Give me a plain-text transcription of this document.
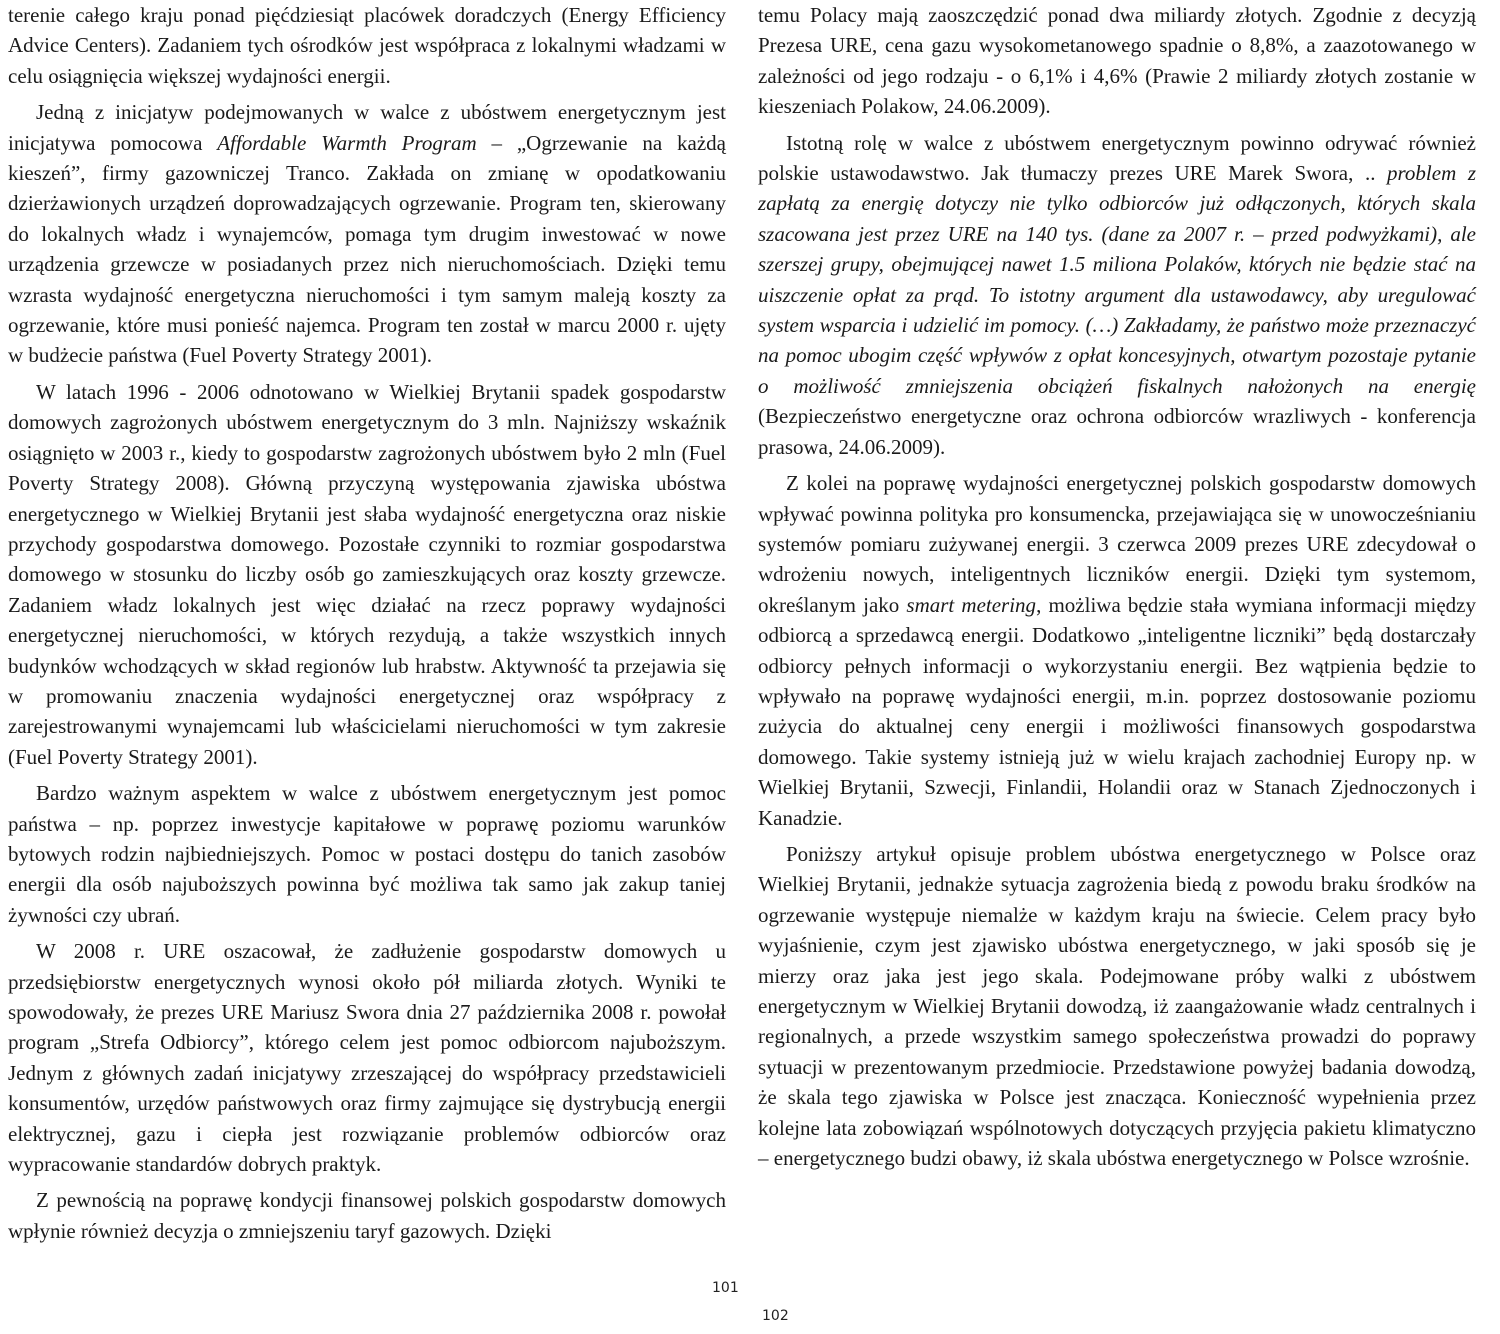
terenie całego kraju ponad pięćdziesiąt placówek doradczych (Energy Efficiency Advice Centers). Zadaniem tych ośrodków jest współpraca z lokalnymi władzami w celu osiągnięcia większej wydajności energii.

Jedną z inicjatyw podejmowanych w walce z ubóstwem energetycznym jest inicjatywa pomocowa Affordable Warmth Program – „Ogrzewanie na każdą kieszeń”, firmy gazowniczej Tranco. Zakłada on zmianę w opodatkowaniu dzierżawionych urządzeń doprowadzających ogrzewanie. Program ten, skierowany do lokalnych władz i wynajemców, pomaga tym drugim inwestować w nowe urządzenia grzewcze w posiadanych przez nich nieruchomościach. Dzięki temu wzrasta wydajność energetyczna nieruchomości i tym samym maleją koszty za ogrzewanie, które musi ponieść najemca. Program ten został w marcu 2000 r. ujęty w budżecie państwa (Fuel Poverty Strategy 2001).

W latach 1996 - 2006 odnotowano w Wielkiej Brytanii spadek gospodarstw domowych zagrożonych ubóstwem energetycznym do 3 mln. Najniższy wskaźnik osiągnięto w 2003 r., kiedy to gospodarstw zagrożonych ubóstwem było 2 mln (Fuel Poverty Strategy 2008). Główną przyczyną występowania zjawiska ubóstwa energetycznego w Wielkiej Brytanii jest słaba wydajność energetyczna oraz niskie przychody gospodarstwa domowego. Pozostałe czynniki to rozmiar gospodarstwa domowego w stosunku do liczby osób go zamieszkujących oraz koszty grzewcze. Zadaniem władz lokalnych jest więc działać na rzecz poprawy wydajności energetycznej nieruchomości, w których rezydują, a także wszystkich innych budynków wchodzących w skład regionów lub hrabstw. Aktywność ta przejawia się w promowaniu znaczenia wydajności energetycznej oraz współpracy z zarejestrowanymi wynajemcami lub właścicielami nieruchomości w tym zakresie (Fuel Poverty Strategy 2001).

Bardzo ważnym aspektem w walce z ubóstwem energetycznym jest pomoc państwa – np. poprzez inwestycje kapitałowe w poprawę poziomu warunków bytowych rodzin najbiedniejszych. Pomoc w postaci dostępu do tanich zasobów energii dla osób najuboższych powinna być możliwa tak samo jak zakup taniej żywności czy ubrań.

W 2008 r. URE oszacował, że zadłużenie gospodarstw domowych u przedsiębiorstw energetycznych wynosi około pół miliarda złotych. Wyniki te spowodowały, że prezes URE Mariusz Swora dnia 27 października 2008 r. powołał program „Strefa Odbiorcy”, którego celem jest pomoc odbiorcom najuboższym. Jednym z głównych zadań inicjatywy zrzeszającej do współpracy przedstawicieli konsumentów, urzędów państwowych oraz firmy zajmujące się dystrybucją energii elektrycznej, gazu i ciepła jest rozwiązanie problemów odbiorców oraz wypracowanie standardów dobrych praktyk.

Z pewnością na poprawę kondycji finansowej polskich gospodarstw domowych wpłynie również decyzja o zmniejszeniu taryf gazowych. Dzięki

temu Polacy mają zaoszczędzić ponad dwa miliardy złotych. Zgodnie z decyzją Prezesa URE, cena gazu wysokometanowego spadnie o 8,8%, a zaazotowanego w zależności od jego rodzaju - o 6,1% i 4,6% (Prawie 2 miliardy złotych zostanie w kieszeniach Polakow, 24.06.2009).

Istotną rolę w walce z ubóstwem energetycznym powinno odrywać również polskie ustawodawstwo. Jak tłumaczy prezes URE Marek Swora, .. problem z zapłatą za energię dotyczy nie tylko odbiorców już odłączonych, których skala szacowana jest przez URE na 140 tys. (dane za 2007 r. – przed podwyżkami), ale szerszej grupy, obejmującej nawet 1.5 miliona Polaków, których nie będzie stać na uiszczenie opłat za prąd. To istotny argument dla ustawodawcy, aby uregulować system wsparcia i udzielić im pomocy. (…) Zakładamy, że państwo może przeznaczyć na pomoc ubogim część wpływów z opłat koncesyjnych, otwartym pozostaje pytanie o możliwość zmniejszenia obciążeń fiskalnych nałożonych na energię (Bezpieczeństwo energetyczne oraz ochrona odbiorców wrazliwych - konferencja prasowa, 24.06.2009).

Z kolei na poprawę wydajności energetycznej polskich gospodarstw domowych wpływać powinna polityka pro konsumencka, przejawiająca się w unowocześnianiu systemów pomiaru zużywanej energii. 3 czerwca 2009 prezes URE zdecydował o wdrożeniu nowych, inteligentnych liczników energii. Dzięki tym systemom, określanym jako smart metering, możliwa będzie stała wymiana informacji między odbiorcą a sprzedawcą energii. Dodatkowo „inteligentne liczniki” będą dostarczały odbiorcy pełnych informacji o wykorzystaniu energii. Bez wątpienia będzie to wpływało na poprawę wydajności energii, m.in. poprzez dostosowanie poziomu zużycia do aktualnej ceny energii i możliwości finansowych gospodarstwa domowego. Takie systemy istnieją już w wielu krajach zachodniej Europy np. w Wielkiej Brytanii, Szwecji, Finlandii, Holandii oraz w Stanach Zjednoczonych i Kanadzie.

Poniższy artykuł opisuje problem ubóstwa energetycznego w Polsce oraz Wielkiej Brytanii, jednakże sytuacja zagrożenia biedą z powodu braku środków na ogrzewanie występuje niemalże w każdym kraju na świecie. Celem pracy było wyjaśnienie, czym jest zjawisko ubóstwa energetycznego, w jaki sposób się je mierzy oraz jaka jest jego skala. Podejmowane próby walki z ubóstwem energetycznym w Wielkiej Brytanii dowodzą, iż zaangażowanie władz centralnych i regionalnych, a przede wszystkim samego społeczeństwa prowadzi do poprawy sytuacji w prezentowanym przedmiocie. Przedstawione powyżej badania dowodzą, że skala tego zjawiska w Polsce jest znacząca. Konieczność wypełnienia przez kolejne lata zobowiązań wspólnotowych dotyczących przyjęcia pakietu klimatyczno – energetycznego budzi obawy, iż skala ubóstwa energetycznego w Polsce wzrośnie.

101
102
